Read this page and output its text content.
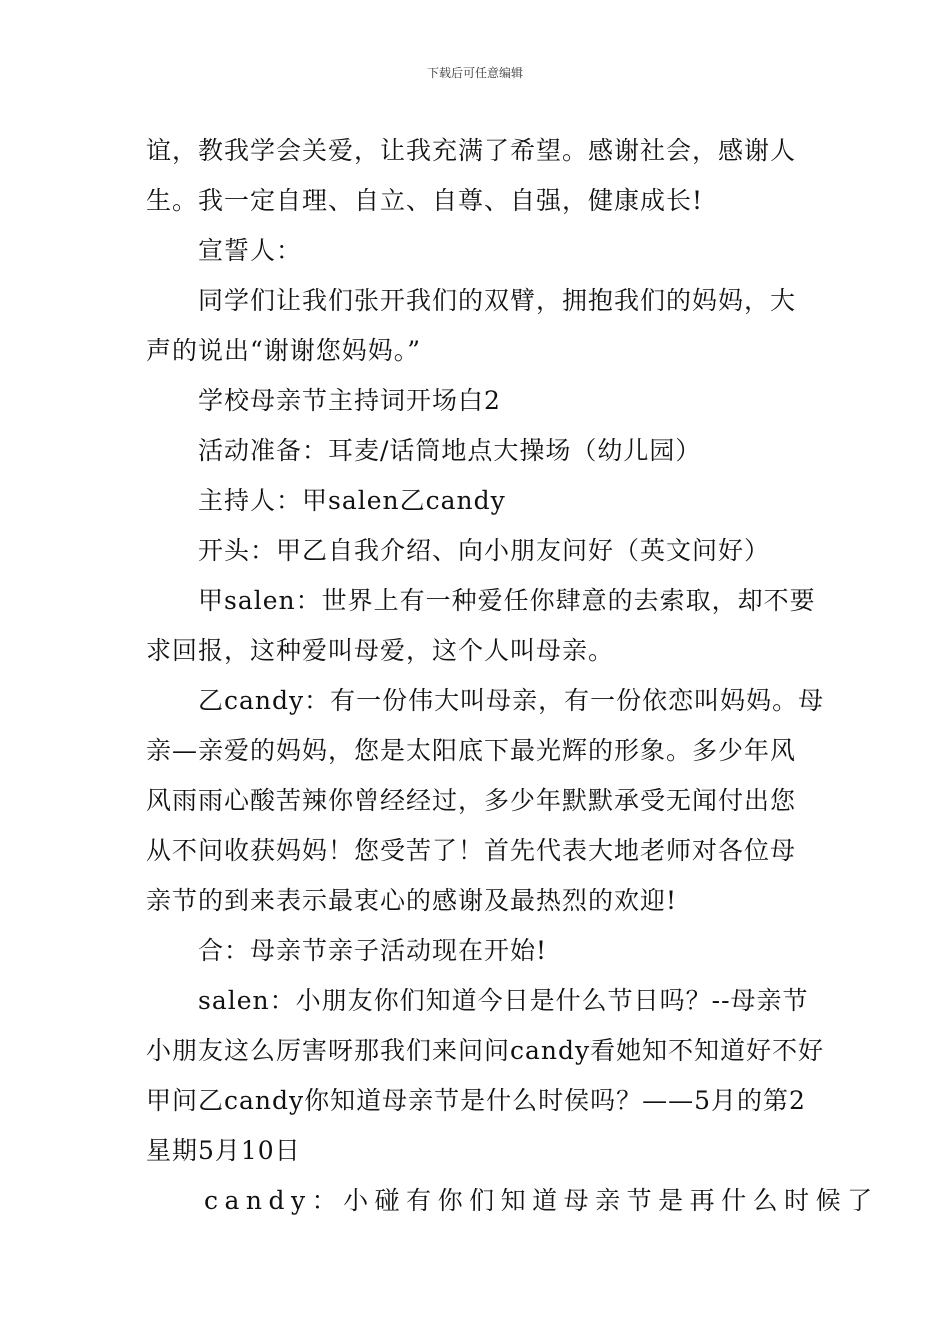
下载后可任意编辑

谊，教我学会关爱，让我充满了希望。感谢社会，感谢人
生。我一定自理、自立、自尊、自强，健康成长!

宣誓人：

同学们让我们张开我们的双臂，拥抱我们的妈妈，大
声的说出“谢谢您妈妈。”

学校母亲节主持词开场白2

活动准备：耳麦/话筒地点大操场（幼儿园）

主持人：甲salen乙candy

开头：甲乙自我介绍、向小朋友问好（英文问好）

甲salen：世界上有一种爱任你肆意的去索取，却不要
求回报，这种爱叫母爱，这个人叫母亲。

乙candy：有一份伟大叫母亲，有一份依恋叫妈妈。母
亲—亲爱的妈妈，您是太阳底下最光辉的形象。多少年风
风雨雨心酸苦辣你曾经经过，多少年默默承受无闻付出您
从不问收获妈妈！您受苦了！首先代表大地老师对各位母
亲节的到来表示最衷心的感谢及最热烈的欢迎!

合：母亲节亲子活动现在开始!

salen：小朋友你们知道今日是什么节日吗？--母亲节
小朋友这么厉害呀那我们来问问candy看她知不知道好不好
甲问乙candy你知道母亲节是什么时侯吗？——5月的第2
星期5月10日

candy：小碰有你们知道母亲节是再什么时候了
